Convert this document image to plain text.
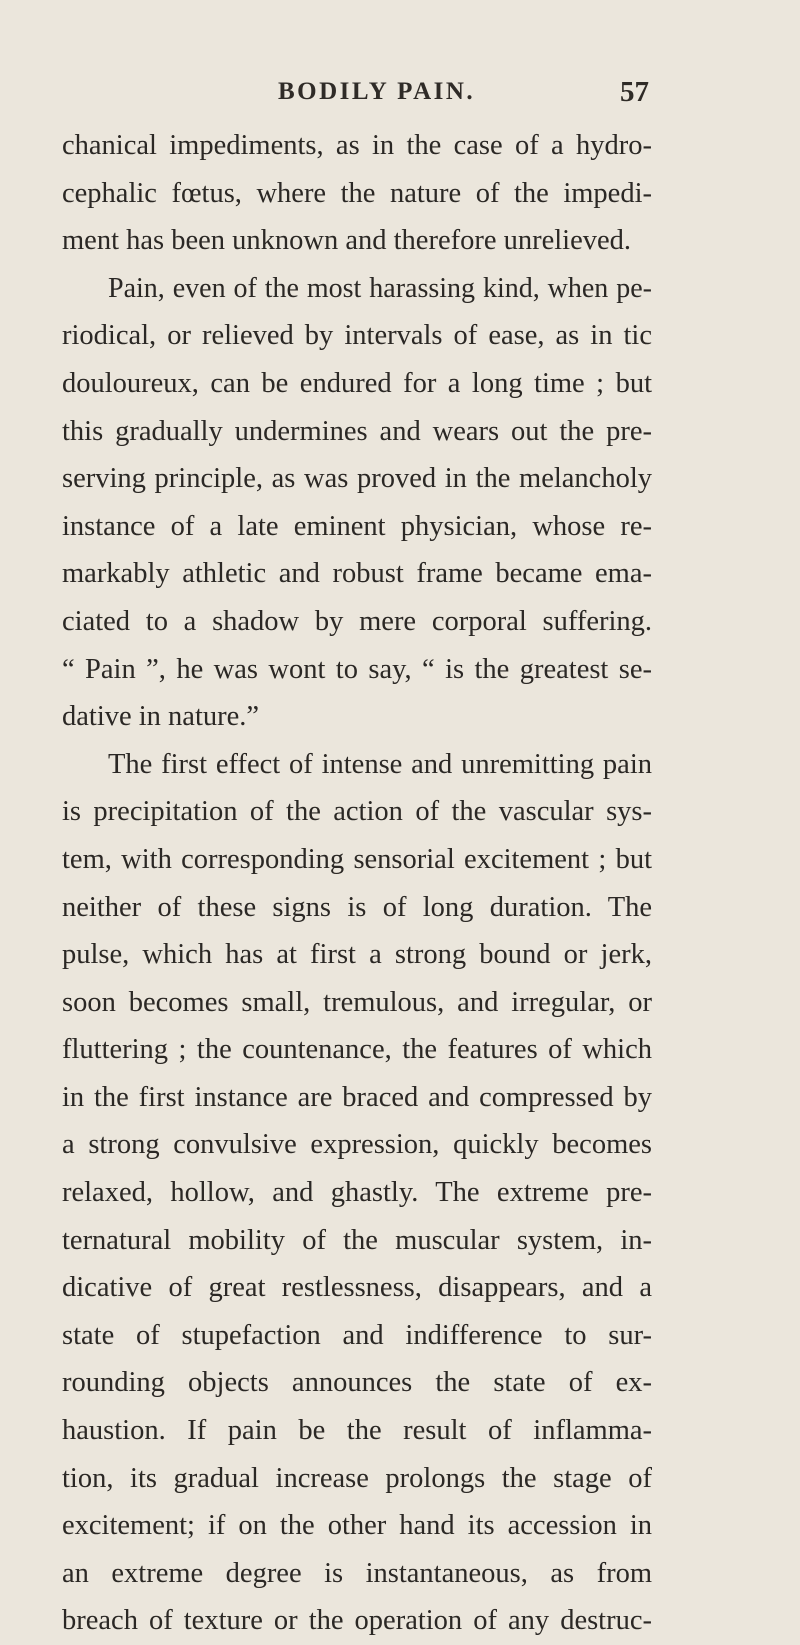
BODILY PAIN.	57
chanical impediments, as in the case of a hydro-
cephalic fœtus, where the nature of the impedi-
ment has been unknown and therefore unrelieved.
Pain, even of the most harassing kind, when pe-
riodical, or relieved by intervals of ease, as in tic
douloureux, can be endured for a long time ; but
this gradually undermines and wears out the pre-
serving principle, as was proved in the melancholy
instance of a late eminent physician, whose re-
markably athletic and robust frame became ema-
ciated to a shadow by mere corporal suffering.
“ Pain ”, he was wont to say, “ is the greatest se-
dative in nature.”
The first effect of intense and unremitting pain
is precipitation of the action of the vascular sys-
tem, with corresponding sensorial excitement ; but
neither of these signs is of long duration. The
pulse, which has at first a strong bound or jerk,
soon becomes small, tremulous, and irregular, or
fluttering ; the countenance, the features of which
in the first instance are braced and compressed by
a strong convulsive expression, quickly becomes
relaxed, hollow, and ghastly. The extreme pre-
ternatural mobility of the muscular system, in-
dicative of great restlessness, disappears, and a
state of stupefaction and indifference to sur-
rounding objects announces the state of ex-
haustion. If pain be the result of inflamma-
tion, its gradual increase prolongs the stage of
excitement; if on the other hand its accession in
an extreme degree is instantaneous, as from
breach of texture or the operation of any destruc-
